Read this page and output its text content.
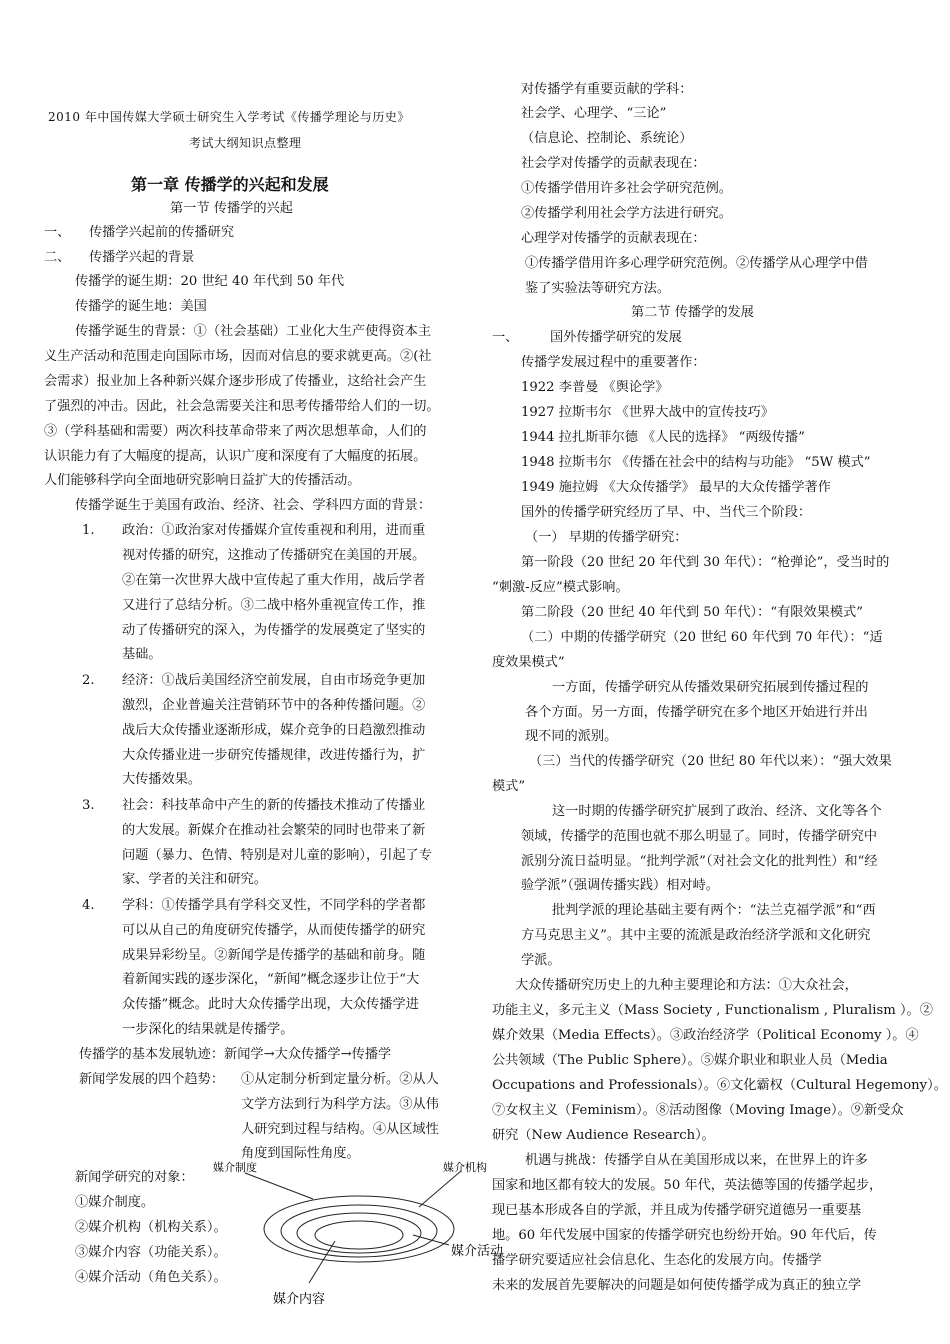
2010 年中国传媒大学硕士研究生入学考试《传播学理论与历史》
考试大纲知识点整理
第一章 传播学的兴起和发展
第一节 传播学的兴起
一、 传播学兴起前的传播研究
二、 传播学兴起的背景
传播学的诞生期：20 世纪 40 年代到 50 年代
传播学的诞生地：美国
传播学诞生的背景：①（社会基础）工业化大生产使得资本主
义生产活动和范围走向国际市场，因而对信息的要求就更高。②(社
会需求）报业加上各种新兴媒介逐步形成了传播业，这给社会产生
了强烈的冲击。因此，社会急需要关注和思考传播带给人们的一切。
③（学科基础和需要）两次科技革命带来了两次思想革命，人们的
认识能力有了大幅度的提高，认识广度和深度有了大幅度的拓展。
人们能够科学向全面地研究影响日益扩大的传播活动。
传播学诞生于美国有政治、经济、社会、学科四方面的背景：
1. 政治：①政治家对传播媒介宣传重视和利用，进而重
视对传播的研究，这推动了传播研究在美国的开展。
②在第一次世界大战中宣传起了重大作用，战后学者
又进行了总结分析。③二战中格外重视宣传工作，推
动了传播研究的深入，为传播学的发展奠定了坚实的
基础。
2. 经济：①战后美国经济空前发展，自由市场竞争更加
激烈，企业普遍关注营销环节中的各种传播问题。②
战后大众传播业逐渐形成，媒介竞争的日趋激烈推动
大众传播业进一步研究传播规律，改进传播行为，扩
大传播效果。
3. 社会：科技革命中产生的新的传播技术推动了传播业
的大发展。新媒介在推动社会繁荣的同时也带来了新
问题（暴力、色情、特别是对儿童的影响），引起了专
家、学者的关注和研究。
4. 学科：①传播学具有学科交叉性，不同学科的学者都
可以从自己的角度研究传播学，从而使传播学的研究
成果异彩纷呈。②新闻学是传播学的基础和前身。随
着新闻实践的逐步深化，“新闻”概念逐步让位于“大
众传播”概念。此时大众传播学出现，大众传播学进
一步深化的结果就是传播学。
传播学的基本发展轨迹：新闻学→大众传播学→传播学
新闻学发展的四个趋势： ①从定制分析到定量分析。②从人
文学方法到行为科学方法。③从伟
人研究到过程与结构。④从区域性
角度到国际性角度。
新闻学研究的对象：
①媒介制度。
②媒介机构（机构关系）。
③媒介内容（功能关系）。
④媒介活动（角色关系）。
媒介制度	媒介机构
媒介活动
媒介内容
对传播学有重要贡献的学科：
社会学、心理学、“三论”
（信息论、控制论、系统论）
社会学对传播学的贡献表现在：
①传播学借用许多社会学研究范例。
②传播学利用社会学方法进行研究。
心理学对传播学的贡献表现在：
①传播学借用许多心理学研究范例。②传播学从心理学中借
鉴了实验法等研究方法。
第二节 传播学的发展
一、 国外传播学研究的发展
传播学发展过程中的重要著作：
1922 李普曼 《舆论学》
1927 拉斯韦尔 《世界大战中的宣传技巧》
1944 拉扎斯菲尔德 《人民的选择》 “两级传播”
1948 拉斯韦尔 《传播在社会中的结构与功能》 “5W 模式”
1949 施拉姆 《大众传播学》 最早的大众传播学著作
国外的传播学研究经历了早、中、当代三个阶段：
（一） 早期的传播学研究：
第一阶段（20 世纪 20 年代到 30 年代）：“枪弹论”，受当时的
“刺激-反应”模式影响。
第二阶段（20 世纪 40 年代到 50 年代）：“有限效果模式”
（二）中期的传播学研究（20 世纪 60 年代到 70 年代）：“适
度效果模式”
一方面，传播学研究从传播效果研究拓展到传播过程的
各个方面。另一方面，传播学研究在多个地区开始进行并出
现不同的派别。
（三）当代的传播学研究（20 世纪 80 年代以来）：“强大效果
模式”
这一时期的传播学研究扩展到了政治、经济、文化等各个
领域，传播学的范围也就不那么明显了。同时，传播学研究中
派别分流日益明显。“批判学派”（对社会文化的批判性）和“经
验学派”（强调传播实践）相对峙。
批判学派的理论基础主要有两个：“法兰克福学派”和“西
方马克思主义”。其中主要的流派是政治经济学派和文化研究
学派。
大众传播研究历史上的九种主要理论和方法：①大众社会，
功能主义，多元主义（Mass Society , Functionalism , Pluralism ）。②
媒介效果（Media Effects）。③政治经济学（Political Economy ）。④
公共领域（The Public Sphere）。⑤媒介职业和职业人员（Media
Occupations and Professionals）。⑥文化霸权（Cultural Hegemony）。
⑦女权主义（Feminism）。⑧活动图像（Moving Image）。⑨新受众
研究（New Audience Research）。
机遇与挑战：传播学自从在美国形成以来，在世界上的许多
国家和地区都有较大的发展。50 年代，英法德等国的传播学起步，
现已基本形成各自的学派，并且成为传播学研究道德另一重要基
地。60 年代发展中国家的传播学研究也纷纷开始。90 年代后，传
播学研究要适应社会信息化、生态化的发展方向。传播学
未来的发展首先要解决的问题是如何使传播学成为真正的独立学
